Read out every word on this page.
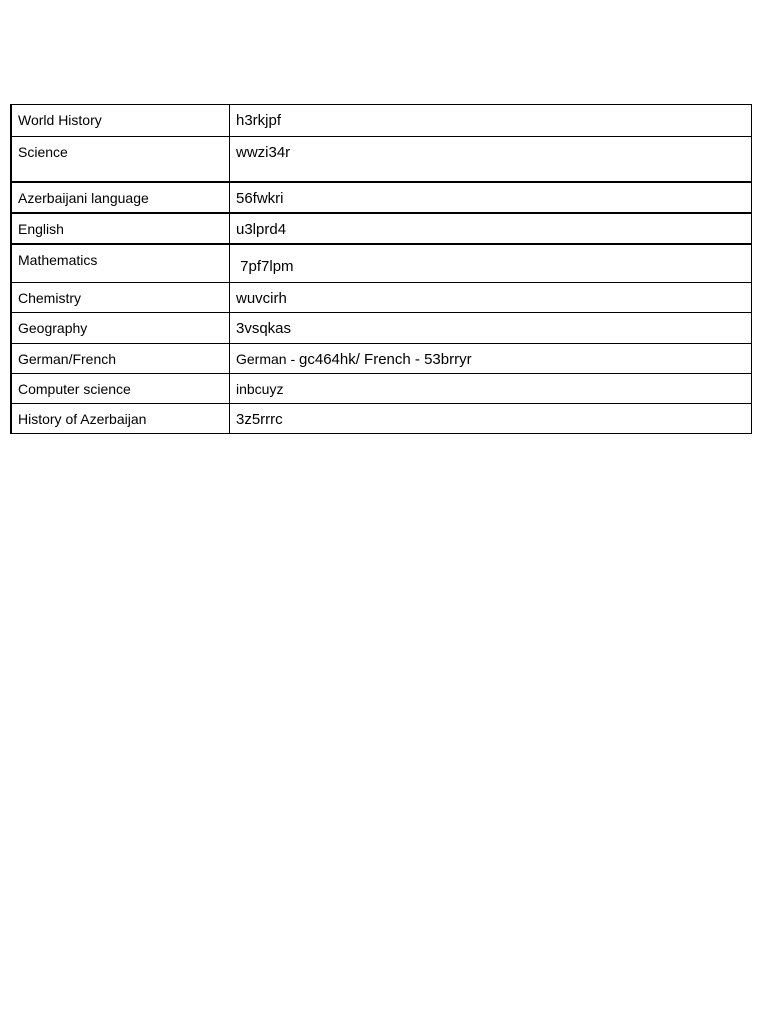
World History	h3rkjpf

Science	wwzi34r

Azerbaijani language	56fwkri

English	u3lprd4

Mathematics	7pf7lpm

Chemistry	wuvcirh

Geography	3vsqkas

German/French	German - gc464hk/ French - 53brryr

Computer science	inbcuyz

History of Azerbaijan	3z5rrrc
